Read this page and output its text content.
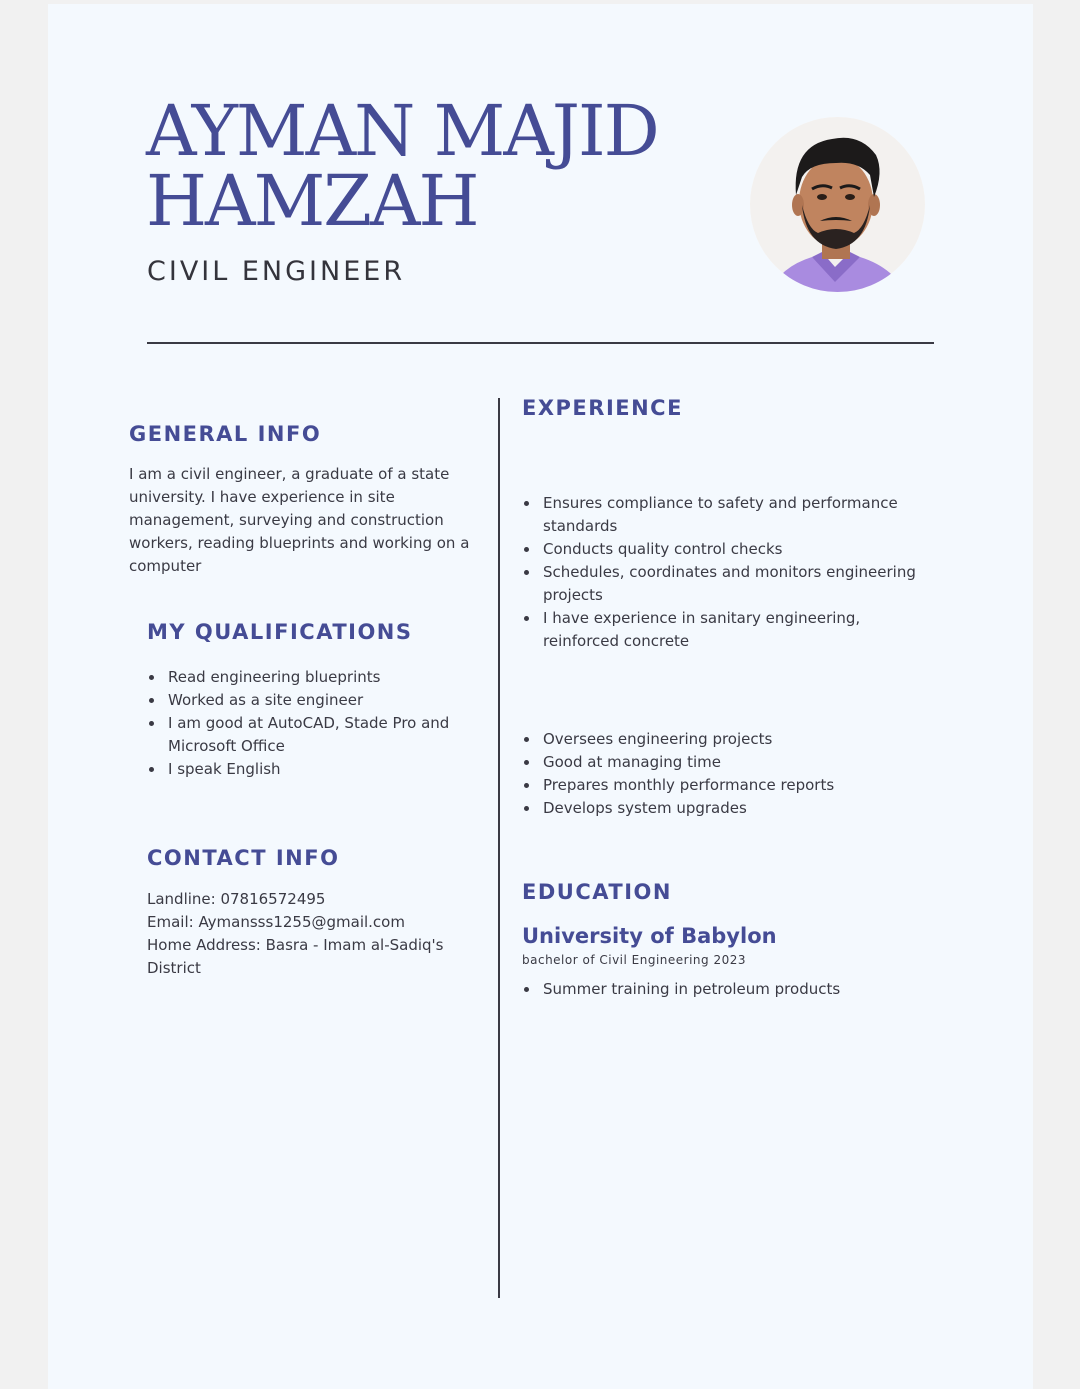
AYMAN MAJID
HAMZAH
CIVIL ENGINEER
GENERAL INFO

I am a civil engineer, a graduate of a state university. I have experience in site management, surveying and construction workers, reading blueprints and working on a computer

MY QUALIFICATIONS
Read engineering blueprints
Worked as a site engineer
I am good at AutoCAD, Stade Pro and Microsoft Office
I speak English
CONTACT INFO
Landline: 07816572495
Email: Aymansss1255@gmail.com
Home Address: Basra - Imam al-Sadiq's District
EXPERIENCE
Ensures compliance to safety and performance standards
Conducts quality control checks
Schedules, coordinates and monitors engineering projects
I have experience in sanitary engineering, reinforced concrete
Oversees engineering projects
Good at managing time
Prepares monthly performance reports
Develops system upgrades
EDUCATION
University of Babylon
bachelor of Civil Engineering 2023
Summer training in petroleum products
